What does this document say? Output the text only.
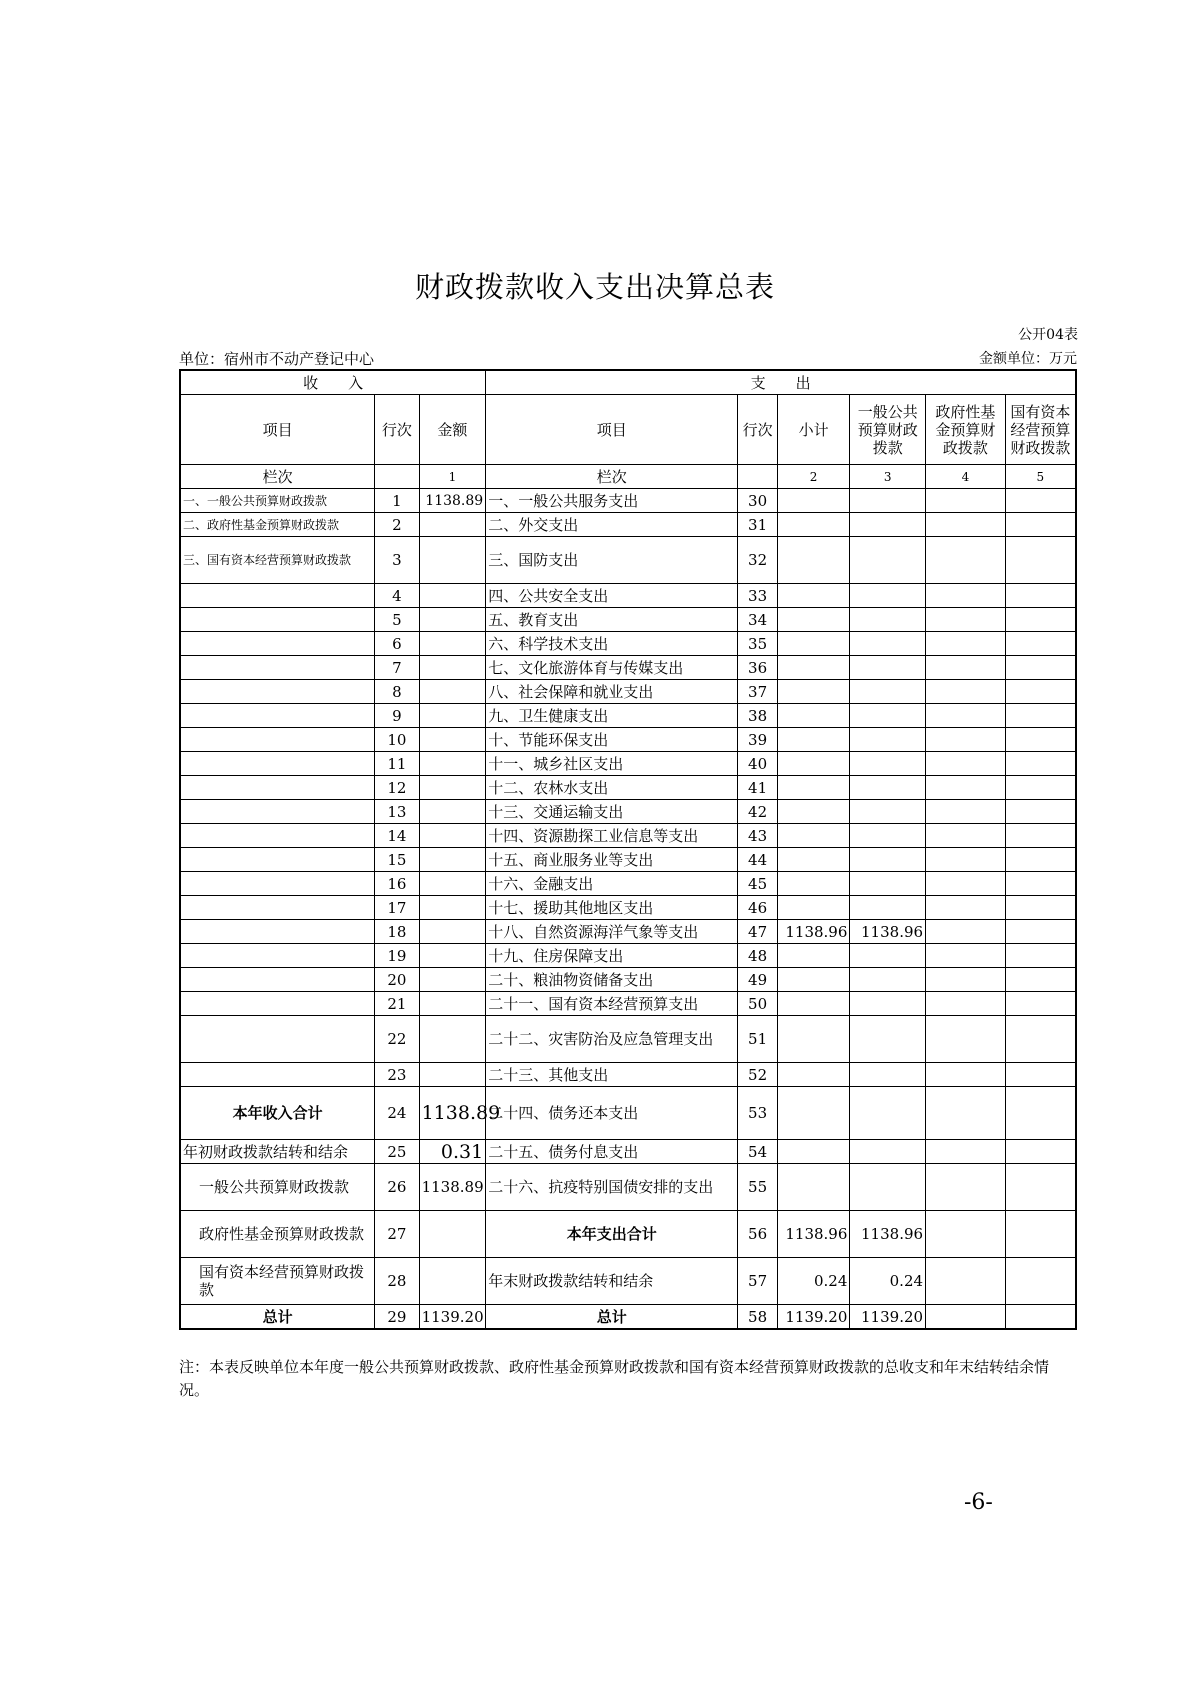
财政拨款收入支出决算总表
公开04表
单位：宿州市不动产登记中心	金额单位：万元
收　　入			支　　出					
项目	行次	金额	项目	行次	小计	一般公共预算财政拨款	政府性基金预算财政拨款	国有资本经营预算财政拨款
栏次		1	栏次		2	3	4	5
一、一般公共预算财政拨款	1	1138.89	一、一般公共服务支出	30				
二、政府性基金预算财政拨款	2		二、外交支出	31				
三、国有资本经营预算财政拨款	3		三、国防支出	32				
	4		四、公共安全支出	33				
	5		五、教育支出	34				
	6		六、科学技术支出	35				
	7		七、文化旅游体育与传媒支出	36				
	8		八、社会保障和就业支出	37				
	9		九、卫生健康支出	38				
	10		十、节能环保支出	39				
	11		十一、城乡社区支出	40				
	12		十二、农林水支出	41				
	13		十三、交通运输支出	42				
	14		十四、资源勘探工业信息等支出	43				
	15		十五、商业服务业等支出	44				
	16		十六、金融支出	45				
	17		十七、援助其他地区支出	46				
	18		十八、自然资源海洋气象等支出	47	1138.96	1138.96		
	19		十九、住房保障支出	48				
	20		二十、粮油物资储备支出	49				
	21		二十一、国有资本经营预算支出	50				
	22		二十二、灾害防治及应急管理支出	51				
	23		二十三、其他支出	52				
本年收入合计	24	1138.89	二十四、债务还本支出	53				
年初财政拨款结转和结余	25	0.31	二十五、债务付息支出	54				
一般公共预算财政拨款	26	1138.89	二十六、抗疫特别国债安排的支出	55				
政府性基金预算财政拨款	27		本年支出合计	56	1138.96	1138.96		
国有资本经营预算财政拨款	28		年末财政拨款结转和结余	57	0.24	0.24		
总计	29	1139.20	总计	58	1139.20	1139.20		
注：本表反映单位本年度一般公共预算财政拨款、政府性基金预算财政拨款和国有资本经营预算财政拨款的总收支和年末结转结余情况。
-6-
